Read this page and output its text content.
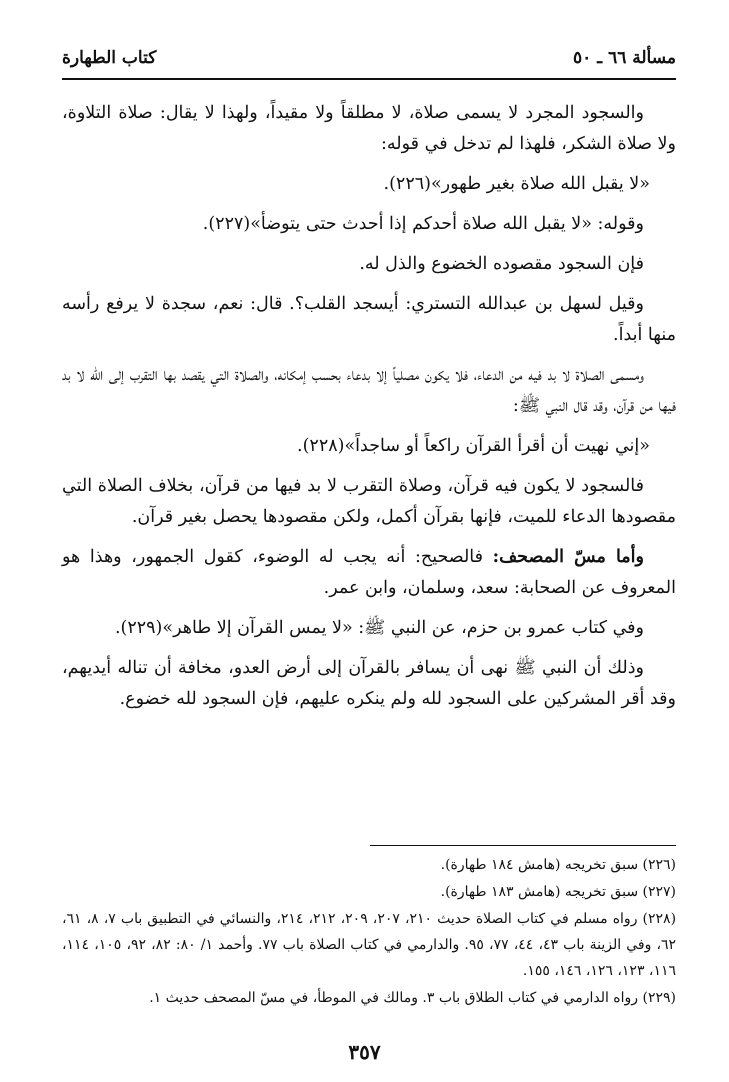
مسألة ٦٦ ـ ٥٠
كتاب الطهارة

والسجود المجرد لا يسمى صلاة، لا مطلقاً ولا مقيداً، ولهذا لا يقال: صلاة التلاوة، ولا صلاة الشكر، فلهذا لم تدخل في قوله:

«لا يقبل الله صلاة بغير طهور»(٢٢٦).

وقوله: «لا يقبل الله صلاة أحدكم إذا أحدث حتى يتوضأ»(٢٢٧).

فإن السجود مقصوده الخضوع والذل له.

وقيل لسهل بن عبدالله التستري: أيسجد القلب؟. قال: نعم، سجدة لا يرفع رأسه منها أبداً.

ومسمى الصلاة لا بد فيه من الدعاء، فلا يكون مصلياً إلا بدعاء بحسب إمكانه، والصلاة التي يقصد بها التقرب إلى الله لا بد فيها من قرآن، وقد قال النبي ﷺ:

«إني نهيت أن أقرأ القرآن راكعاً أو ساجداً»(٢٢٨).

فالسجود لا يكون فيه قرآن، وصلاة التقرب لا بد فيها من قرآن، بخلاف الصلاة التي مقصودها الدعاء للميت، فإنها بقرآن أكمل، ولكن مقصودها يحصل بغير قرآن.

وأما مسّ المصحف: فالصحيح: أنه يجب له الوضوء، كقول الجمهور، وهذا هو المعروف عن الصحابة: سعد، وسلمان، وابن عمر.

وفي كتاب عمرو بن حزم، عن النبي ﷺ: «لا يمس القرآن إلا طاهر»(٢٢٩).

وذلك أن النبي ﷺ نهى أن يسافر بالقرآن إلى أرض العدو، مخافة أن تناله أيديهم، وقد أقر المشركين على السجود لله ولم ينكره عليهم، فإن السجود لله خضوع.

(٢٢٦) سبق تخريجه (هامش ١٨٤ طهارة).

(٢٢٧) سبق تخريجه (هامش ١٨٣ طهارة).

(٢٢٨) رواه مسلم في كتاب الصلاة حديث ٢١٠، ٢٠٧، ٢٠٩، ٢١٢، ٢١٤، والنسائي في التطبيق باب ٧، ٨، ٦١، ٦٢، وفي الزينة باب ٤٣، ٤٤، ٧٧، ٩٥. والدارمي في كتاب الصلاة باب ٧٧. وأحمد ١/ ٨٠: ٨٢، ٩٢، ١٠٥، ١١٤، ١١٦، ١٢٣، ١٢٦، ١٤٦، ١٥٥.

(٢٢٩) رواه الدارمي في كتاب الطلاق باب ٣. ومالك في الموطأ، في مسّ المصحف حديث ١.

٣٥٧
